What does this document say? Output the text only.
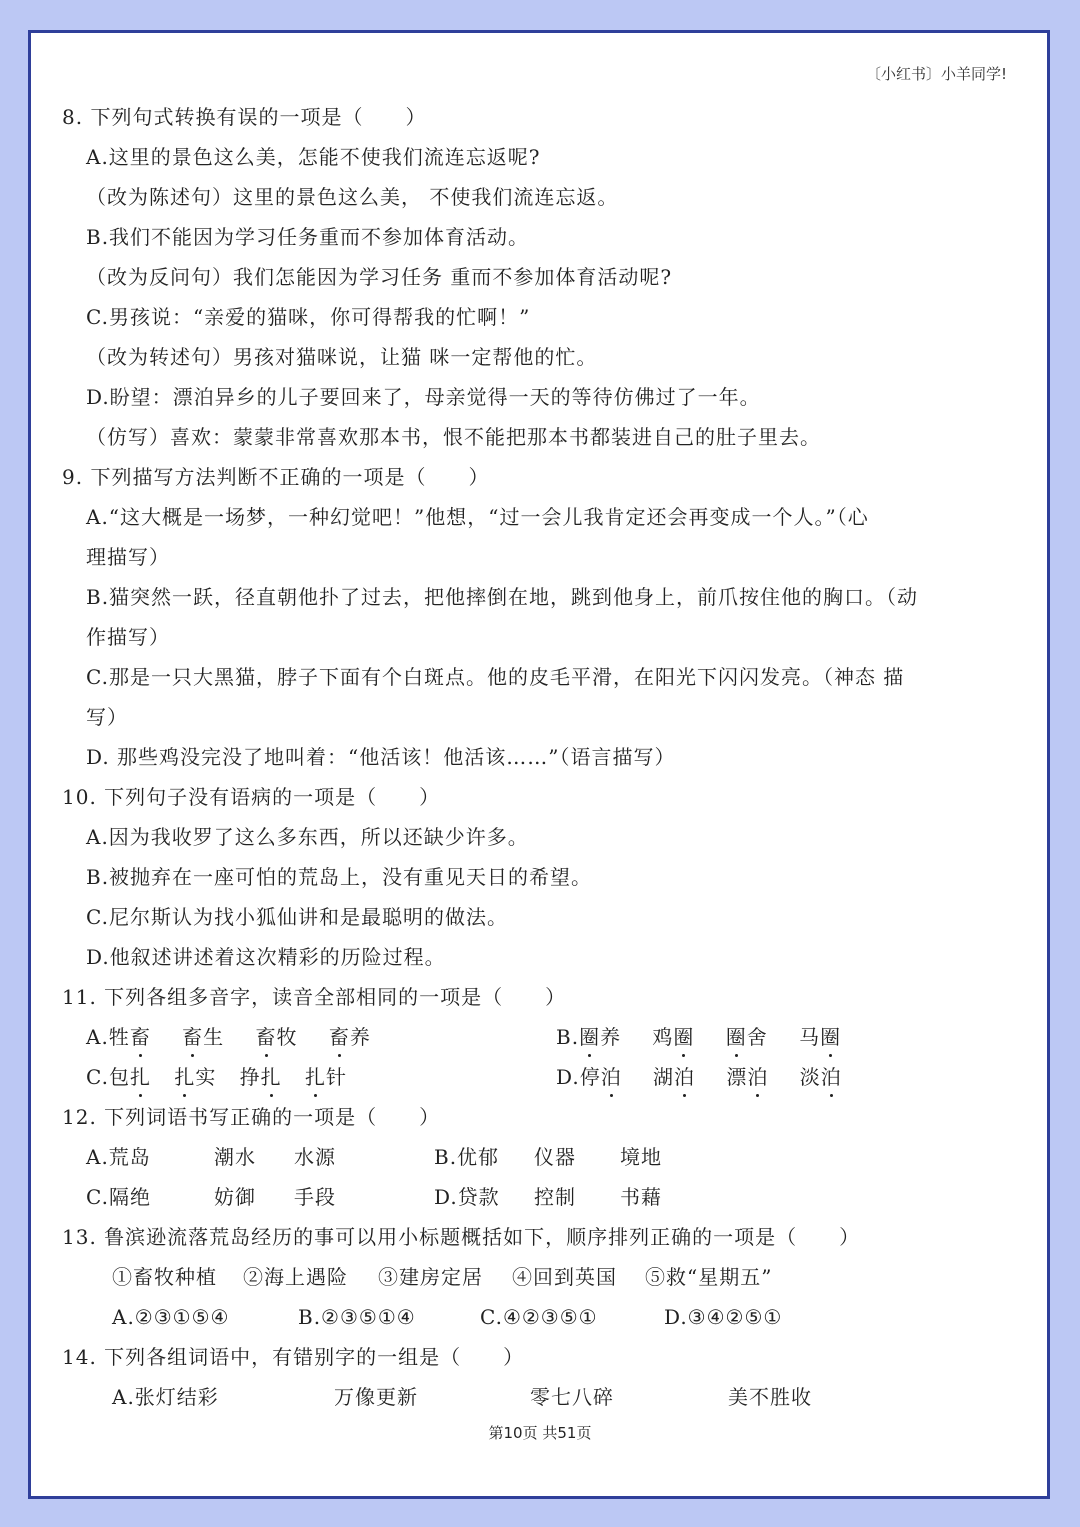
〔小红书〕小羊同学!
8. 下列句式转换有误的一项是（　　）
A.这里的景色这么美，怎能不使我们流连忘返呢?
（改为陈述句）这里的景色这么美， 不使我们流连忘返。
B.我们不能因为学习任务重而不参加体育活动。
（改为反问句）我们怎能因为学习任务 重而不参加体育活动呢?
C.男孩说：“亲爱的猫咪，你可得帮我的忙啊！”
（改为转述句）男孩对猫咪说，让猫 咪一定帮他的忙。
D.盼望：漂泊异乡的儿子要回来了，母亲觉得一天的等待仿佛过了一年。
（仿写）喜欢：蒙蒙非常喜欢那本书，恨不能把那本书都装进自己的肚子里去。
9. 下列描写方法判断不正确的一项是（　　）
A.“这大概是一场梦，一种幻觉吧！”他想，“过一会儿我肯定还会再变成一个人。”（心
理描写）
B.猫突然一跃，径直朝他扑了过去，把他摔倒在地，跳到他身上，前爪按住他的胸口。（动
作描写）
C.那是一只大黑猫，脖子下面有个白斑点。他的皮毛平滑，在阳光下闪闪发亮。（神态 描
写）
D. 那些鸡没完没了地叫着：“他活该！他活该……”（语言描写）
10. 下列句子没有语病的一项是（　　）
A.因为我收罗了这么多东西，所以还缺少许多。
B.被抛弃在一座可怕的荒岛上，没有重见天日的希望。
C.尼尔斯认为找小狐仙讲和是最聪明的做法。
D.他叙述讲述着这次精彩的历险过程。
11. 下列各组多音字，读音全部相同的一项是（　　）
A.牲畜 畜生 畜牧 畜养	B.圈养 鸡圈 圈舍 马圈
C.包扎 扎实 挣扎 扎针	D.停泊 湖泊 漂泊 淡泊
12. 下列词语书写正确的一项是（　　）
A.荒岛	潮水 水源	B.优郁 仪器 境地
C.隔绝	妨御 手段	D.贷款 控制 书藉
13. 鲁滨逊流落荒岛经历的事可以用小标题概括如下，顺序排列正确的一项是（　　）
①畜牧种植 ②海上遇险 ③建房定居 ④回到英国 ⑤救“星期五”
A.②③①⑤④	B.②③⑤①④	C.④②③⑤①	D.③④②⑤①
14. 下列各组词语中，有错别字的一组是（　　）
A.张灯结彩	万像更新	零七八碎	美不胜收
第10页 共51页
